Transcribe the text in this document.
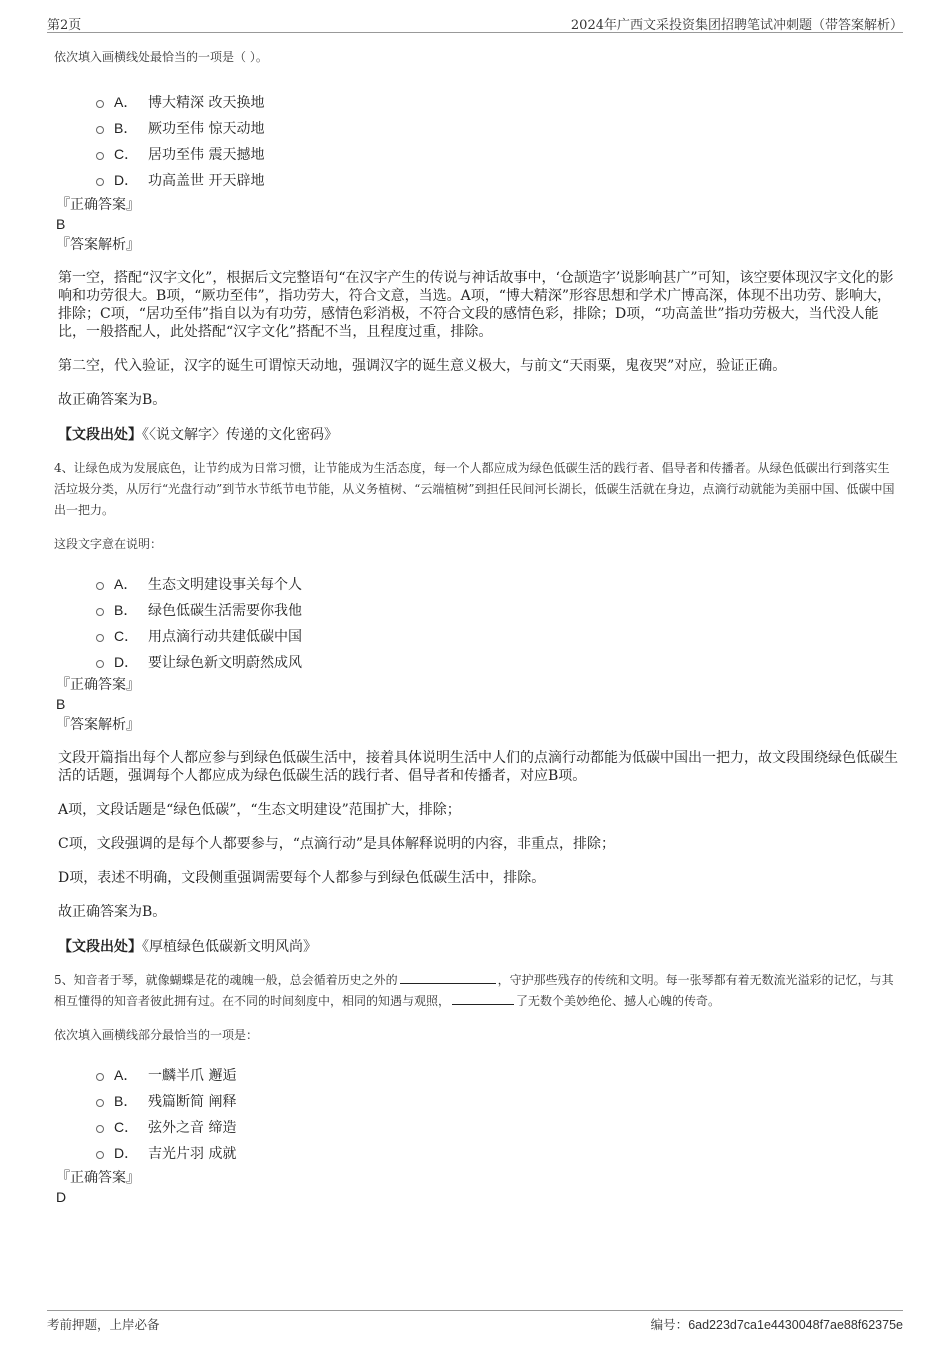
第2页	2024年广西文采投资集团招聘笔试冲刺题（带答案解析）

依次填入画横线处最恰当的一项是（ ）。

A． 博大精深 改天换地
B． 厥功至伟 惊天动地
C． 居功至伟 震天撼地
D． 功高盖世 开天辟地
『正确答案』
B
『答案解析』

第一空，搭配“汉字文化”，根据后文完整语句“在汉字产生的传说与神话故事中，‘仓颉造字’说影响甚广”可知，该空要体现汉字文化的影响和功劳很大。B项，“厥功至伟”，指功劳大，符合文意，当选。A项，“博大精深”形容思想和学术广博高深，体现不出功劳、影响大，排除；C项，“居功至伟”指自以为有功劳，感情色彩消极，不符合文段的感情色彩，排除；D项，“功高盖世”指功劳极大，当代没人能比，一般搭配人，此处搭配“汉字文化”搭配不当，且程度过重，排除。

第二空，代入验证，汉字的诞生可谓惊天动地，强调汉字的诞生意义极大，与前文“天雨粟，鬼夜哭”对应，验证正确。

故正确答案为B。

【文段出处】《〈说文解字〉传递的文化密码》

4、让绿色成为发展底色，让节约成为日常习惯，让节能成为生活态度，每一个人都应成为绿色低碳生活的践行者、倡导者和传播者。从绿色低碳出行到落实生活垃圾分类，从厉行“光盘行动”到节水节纸节电节能，从义务植树、“云端植树”到担任民间河长湖长，低碳生活就在身边，点滴行动就能为美丽中国、低碳中国出一把力。

这段文字意在说明：

A． 生态文明建设事关每个人
B． 绿色低碳生活需要你我他
C． 用点滴行动共建低碳中国
D． 要让绿色新文明蔚然成风
『正确答案』
B
『答案解析』

文段开篇指出每个人都应参与到绿色低碳生活中，接着具体说明生活中人们的点滴行动都能为低碳中国出一把力，故文段围绕绿色低碳生活的话题，强调每个人都应成为绿色低碳生活的践行者、倡导者和传播者，对应B项。

A项，文段话题是“绿色低碳”，“生态文明建设”范围扩大，排除；

C项，文段强调的是每个人都要参与，“点滴行动”是具体解释说明的内容，非重点，排除；

D项，表述不明确，文段侧重强调需要每个人都参与到绿色低碳生活中，排除。

故正确答案为B。

【文段出处】《厚植绿色低碳新文明风尚》

5、知音者于琴，就像蝴蝶是花的魂魄一般，总会循着历史之外的	，守护那些残存的传统和文明。每一张琴都有着无数流光溢彩的记忆，与其相互懂得的知音者彼此拥有过。在不同的时间刻度中，相同的知遇与观照，	了无数个美妙绝伦、撼人心魄的传奇。

依次填入画横线部分最恰当的一项是：

A． 一麟半爪 邂逅
B． 残篇断简 阐释
C． 弦外之音 缔造
D． 吉光片羽 成就
『正确答案』
D
考前押题，上岸必备	编号：6ad223d7ca1e4430048f7ae88f62375e
